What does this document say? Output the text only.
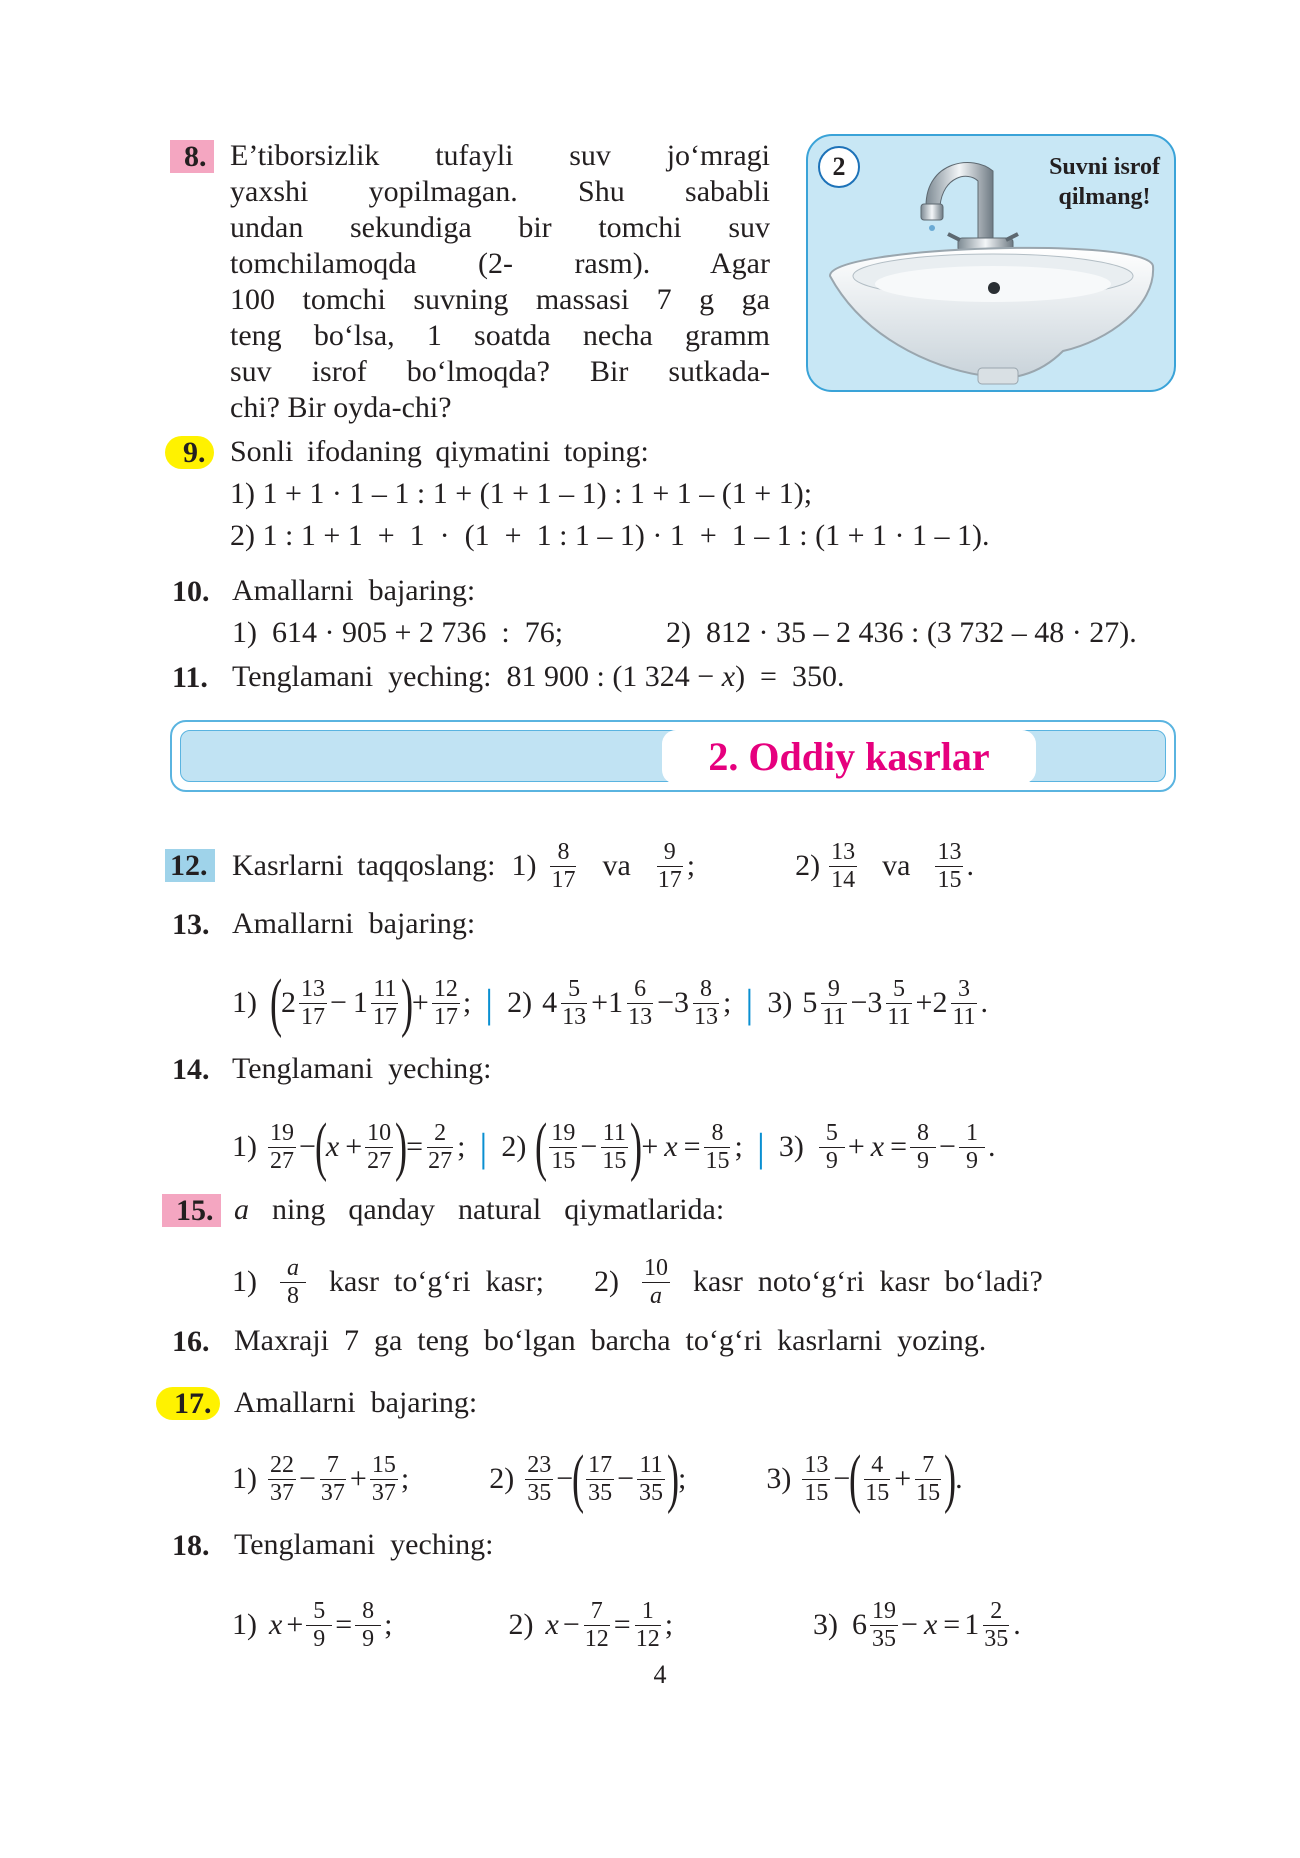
8. E’tiborsizlik tufayli suv jo‘mragi
yaxshi yopilmagan. Shu sababli
undan sekundiga bir tomchi suv
tomchilamoqda (2- rasm). Agar
100 tomchi suvning massasi 7 g ga
teng bo‘lsa, 1 soatda necha gramm
suv isrof bo‘lmoqda? Bir sutkada-
chi? Bir oyda-chi?
2	Suvni isrof
qilmang!
9. Sonli ifodaning qiymatini toping:
1) 1 + 1 · 1 – 1 : 1 + (1 + 1 – 1) : 1 + 1 – (1 + 1);
2) 1 : 1 + 1  +  1  ·  (1  +  1 : 1 – 1) · 1  +  1 – 1 : (1 + 1 · 1 – 1).
10. Amallarni  bajaring:
1)  614 · 905 + 2 736  :  76;	2)  812 · 35 – 2 436 : (3 732 – 48 · 27).
11. Tenglamani  yeching:  81 900 : (1 324 − x)  =  350.
2. Oddiy kasrlar
12. Kasrlarni taqqoslang: $1) \frac{8}{17}$ va $\frac{9}{17}$ ;	$2) \frac{13}{14}$ va $\frac{13}{15}$ .
13. Amallarni  bajaring:
1) (
$2 \frac{13}{17} - 1 \frac{11}{17}$ )
+ $\frac{12}{17}$ ; | 2) $4 \frac{5}{13} + 1 \frac{6}{13} - 3 \frac{8}{13}$ ; | 3) $5 \frac{9}{11} - 3 \frac{5}{11} + 2 \frac{3}{11}$ .
14. Tenglamani  yeching:
$1) \frac{19}{27}$ −
(
$x + \frac{10}{27}$ )
= $\frac{2}{27}$ ; | 2) ( $\frac{19}{15} - \frac{11}{15}$ )
+ $x = \frac{8}{15}$ ; | $3) \frac{5}{9} + x = \frac{8}{9} - \frac{1}{9}$ .
15. a ning  qanday  natural  qiymatlarida:
$1) \frac{a}{8}$ kasr  to‘g‘ri  kasr; $2) \frac{10}{a}$ kasr  noto‘g‘ri  kasr  bo‘ladi?
16. Maxraji  7  ga  teng  bo‘lgan  barcha  to‘g‘ri  kasrlarni  yozing.
17. Amallarni  bajaring:
$1) \frac{22}{37} - \frac{7}{37} + \frac{15}{37}$ ;	$2) \frac{23}{35}$ −
( $\frac{17}{35} - \frac{11}{35}$ )
;	$3) \frac{13}{15}$ −
( $\frac{4}{15} + \frac{7}{15}$ )
.
18. Tenglamani  yeching:
1) $x + \frac{5}{9} = \frac{8}{9}$ ;	2) $x - \frac{7}{12} = \frac{1}{12}$ ;	3) $6 \frac{19}{35} - x = 1 \frac{2}{35}$ .
4
